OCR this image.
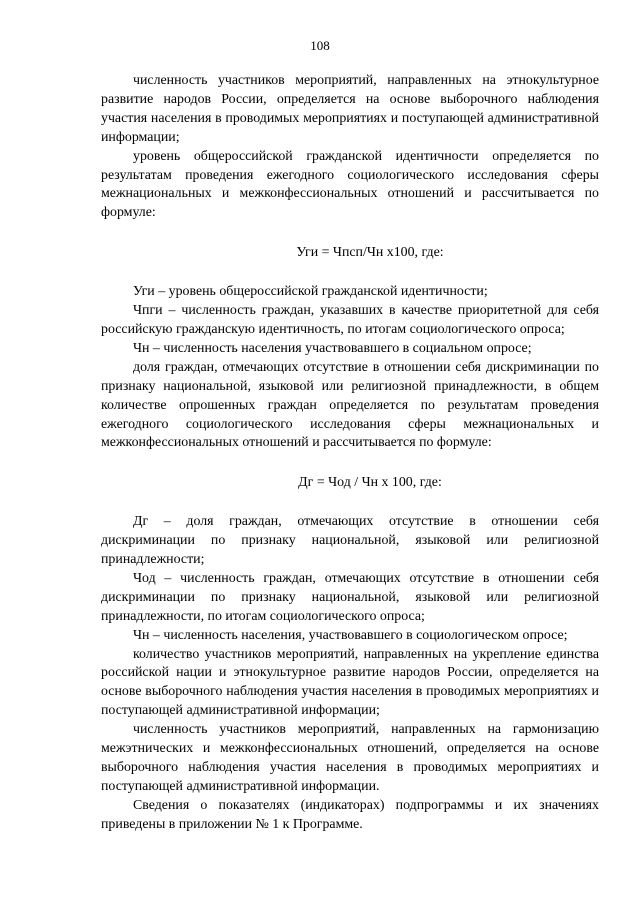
108

численность участников мероприятий, направленных на этнокультурное развитие народов России, определяется на основе выборочного наблюдения участия населения в проводимых мероприятиях и поступающей административной информации;

уровень общероссийской гражданской идентичности определяется по результатам проведения ежегодного социологического исследования сферы межнациональных и межконфессиональных отношений и рассчитывается по формуле:

Уги = Чпсп/Чн х100, где:

Уги – уровень общероссийской гражданской идентичности;

Чпги – численность граждан, указавших в качестве приоритетной для себя российскую гражданскую идентичность, по итогам социологического опроса;

Чн – численность населения участвовавшего в социальном опросе;

доля граждан, отмечающих отсутствие в отношении себя дискриминации по признаку национальной, языковой или религиозной принадлежности, в общем количестве опрошенных граждан определяется по результатам проведения ежегодного социологического исследования сферы межнациональных и межконфессиональных отношений и рассчитывается по формуле:

Дг = Чод / Чн х 100, где:

Дг – доля граждан, отмечающих отсутствие в отношении себя дискриминации по признаку национальной, языковой или религиозной принадлежности;

Чод – численность граждан, отмечающих отсутствие в отношении себя дискриминации по признаку национальной, языковой или религиозной принадлежности, по итогам социологического опроса;

Чн – численность населения, участвовавшего в социологическом опросе;

количество участников мероприятий, направленных на укрепление единства российской нации и этнокультурное развитие народов России, определяется на основе выборочного наблюдения участия населения в проводимых мероприятиях и поступающей административной информации;

численность участников мероприятий, направленных на гармонизацию межэтнических и межконфессиональных отношений, определяется на основе выборочного наблюдения участия населения в проводимых мероприятиях и поступающей административной информации.

Сведения о показателях (индикаторах) подпрограммы и их значениях приведены в приложении № 1 к Программе.
